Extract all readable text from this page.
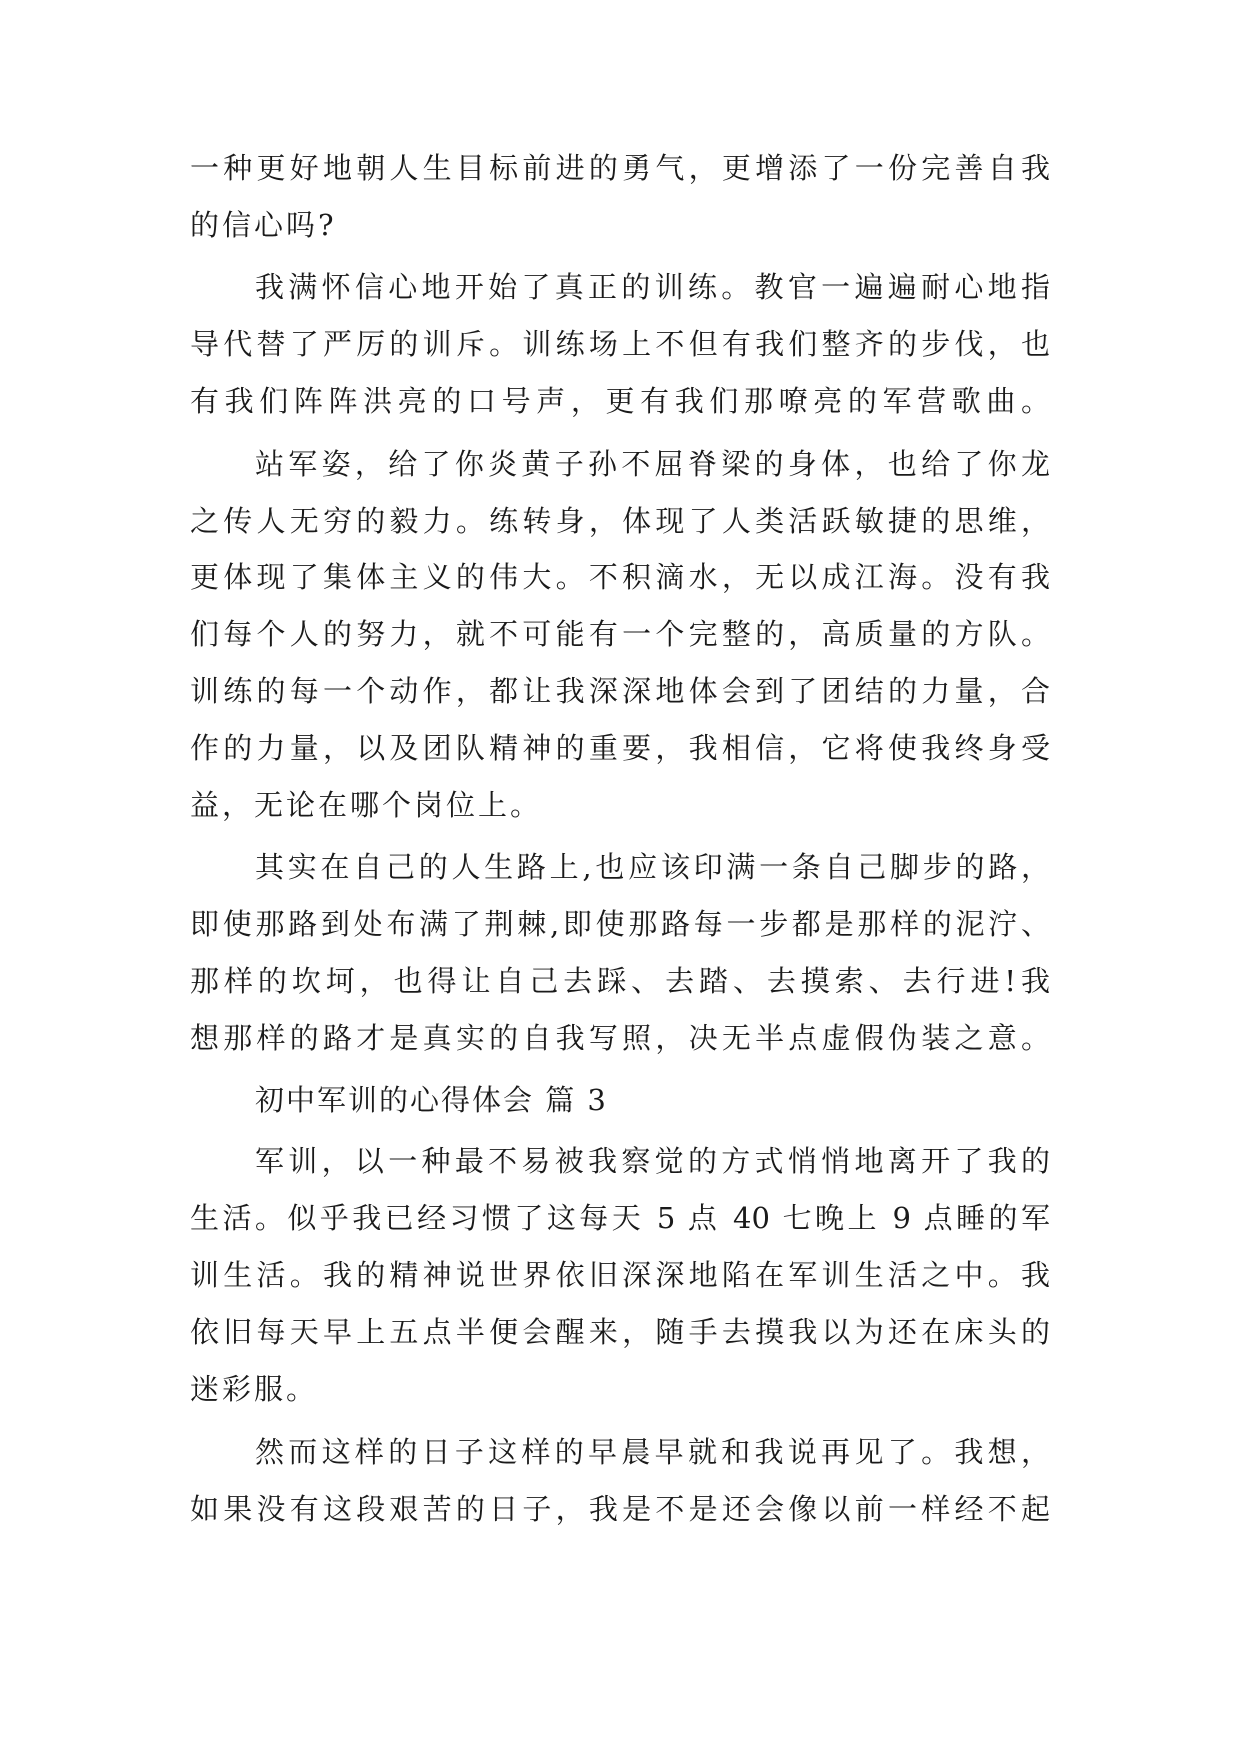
一种更好地朝人生目标前进的勇气，更增添了一份完善自我
的信心吗?
我满怀信心地开始了真正的训练。教官一遍遍耐心地指
导代替了严厉的训斥。训练场上不但有我们整齐的步伐，也
有我们阵阵洪亮的口号声，更有我们那嘹亮的军营歌曲。
站军姿，给了你炎黄子孙不屈脊梁的身体，也给了你龙
之传人无穷的毅力。练转身，体现了人类活跃敏捷的思维，
更体现了集体主义的伟大。不积滴水，无以成江海。没有我
们每个人的努力，就不可能有一个完整的，高质量的方队。
训练的每一个动作，都让我深深地体会到了团结的力量，合
作的力量，以及团队精神的重要，我相信，它将使我终身受
益，无论在哪个岗位上。
其实在自己的人生路上,也应该印满一条自己脚步的路，
即使那路到处布满了荆棘,即使那路每一步都是那样的泥泞、
那样的坎坷，也得让自己去踩、去踏、去摸索、去行进!我
想那样的路才是真实的自我写照，决无半点虚假伪装之意。
初中军训的心得体会 篇 3
军训，以一种最不易被我察觉的方式悄悄地离开了我的
生活。似乎我已经习惯了这每天 5 点 40 七晚上 9 点睡的军
训生活。我的精神说世界依旧深深地陷在军训生活之中。我
依旧每天早上五点半便会醒来，随手去摸我以为还在床头的
迷彩服。
然而这样的日子这样的早晨早就和我说再见了。我想，
如果没有这段艰苦的日子，我是不是还会像以前一样经不起
